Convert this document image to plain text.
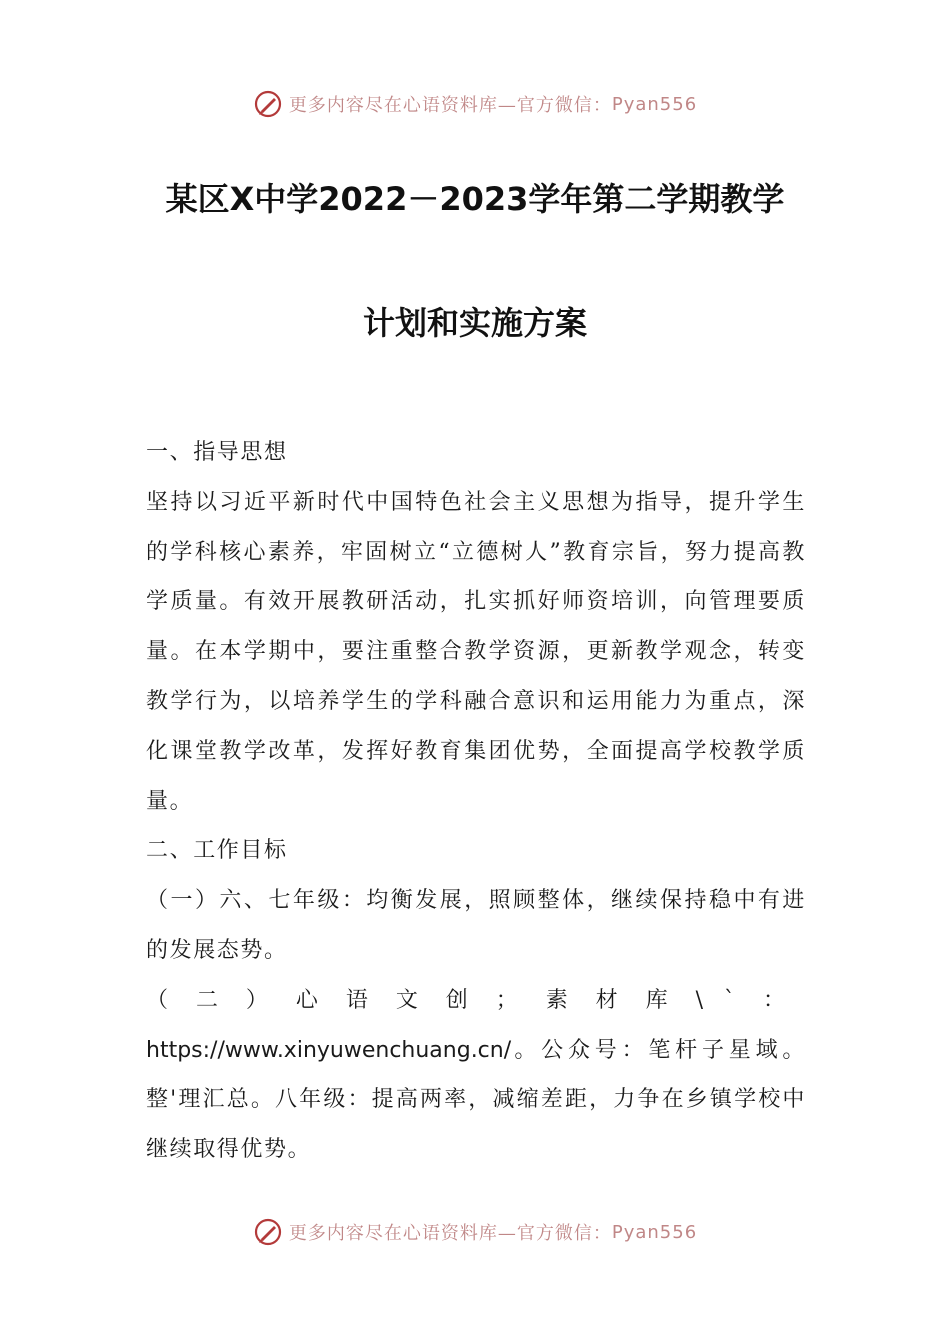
更多内容尽在心语资料库—官方微信： Pyan556
某区X中学2022－2023学年第二学期教学
计划和实施方案

一、指导思想

坚持以习近平新时代中国特色社会主义思想为指导，提升学生的学科核心素养，牢固树立“立德树人”教育宗旨，努力提高教学质量。有效开展教研活动，扎实抓好师资培训，向管理要质量。在本学期中，要注重整合教学资源，更新教学观念，转变教学行为，以培养学生的学科融合意识和运用能力为重点，深化课堂教学改革，发挥好教育集团优势，全面提高学校教学质量。

二、工作目标

（一）六、七年级：均衡发展，照顾整体，继续保持稳中有进的发展态势。

（二）心语文创；素材库\`：https://www.xinyuwenchuang.cn/。公众号：笔杆子星域。整'理汇总。八年级：提高两率，减缩差距，力争在乡镇学校中继续取得优势。

更多内容尽在心语资料库—官方微信： Pyan556
